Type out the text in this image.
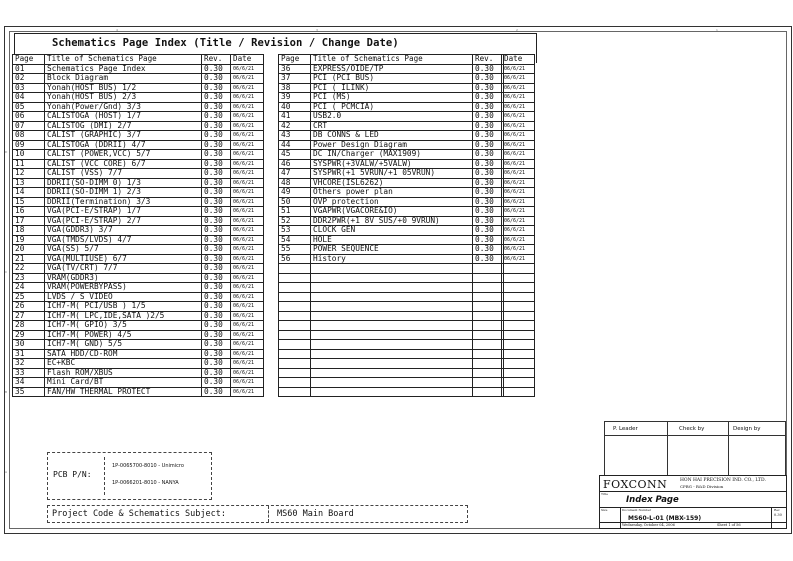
4	3	2	1
D
C
B
A
Schematics Page Index (Title / Revision / Change Date)
Page	Title of Schematics Page	Rev.	Date
01	Schematics Page Index	0.30	06/6/21
02	Block Diagram	0.30	06/6/21
03	Yonah(HOST BUS) 1/2	0.30	06/6/21
04	Yonah(HOST BUS) 2/3	0.30	06/6/21
05	Yonah(Power/Gnd) 3/3	0.30	06/6/21
06	CALISTOGA (HOST) 1/7	0.30	06/6/21
07	CALISTOG (DMI) 2/7	0.30	06/6/21
08	CALIST (GRAPHIC) 3/7	0.30	06/6/21
09	CALISTOGA (DDRII) 4/7	0.30	06/6/21
10	CALIST (POWER,VCC) 5/7	0.30	06/6/21
11	CALIST (VCC CORE) 6/7	0.30	06/6/21
12	CALIST (VSS) 7/7	0.30	06/6/21
13	DDRII(SO-DIMM 0) 1/3	0.30	06/6/21
14	DDRII(SO-DIMM 1) 2/3	0.30	06/6/21
15	DDRII(Termination) 3/3	0.30	06/6/21
16	VGA(PCI-E/STRAP) 1/7	0.30	06/6/21
17	VGA(PCI-E/STRAP) 2/7	0.30	06/6/21
18	VGA(GDDR3) 3/7	0.30	06/6/21
19	VGA(TMDS/LVDS) 4/7	0.30	06/6/21
20	VGA(SS) 5/7	0.30	06/6/21
21	VGA(MULTIUSE) 6/7	0.30	06/6/21
22	VGA(TV/CRT) 7/7	0.30	06/6/21
23	VRAM(GDDR3)	0.30	06/6/21
24	VRAM(POWERBYPASS)	0.30	06/6/21
25	LVDS / S VIDEO	0.30	06/6/21
26	ICH7-M( PCI/USB ) 1/5	0.30	06/6/21
27	ICH7-M( LPC,IDE,SATA )2/5	0.30	06/6/21
28	ICH7-M( GPIO) 3/5	0.30	06/6/21
29	ICH7-M( POWER) 4/5	0.30	06/6/21
30	ICH7-M( GND) 5/5	0.30	06/6/21
31	SATA HDD/CD-ROM	0.30	06/6/21
32	EC+KBC	0.30	06/6/21
33	Flash ROM/XBUS	0.30	06/6/21
34	Mini Card/BT	0.30	06/6/21
35	FAN/HW THERMAL PROTECT	0.30	06/6/21
Page	Title of Schematics Page	Rev.	Date
36	EXPRESS/OIDE/TP	0.30	06/6/21
37	PCI (PCI BUS)	0.30	06/6/21
38	PCI ( ILINK)	0.30	06/6/21
39	PCI (MS)	0.30	06/6/21
40	PCI ( PCMCIA)	0.30	06/6/21
41	USB2.0	0.30	06/6/21
42	CRT	0.30	06/6/21
43	DB CONNS & LED	0.30	06/6/21
44	Power Design Diagram	0.30	06/6/21
45	DC IN/Charger (MAX1909)	0.30	06/6/21
46	SYSPWR(+3VALW/+5VALW)	0.30	06/6/21
47	SYSPWR(+1 5VRUN/+1 05VRUN)	0.30	06/6/21
48	VHCORE(ISL6262)	0.30	06/6/21
49	Others power plan	0.30	06/6/21
50	OVP protection	0.30	06/6/21
51	VGAPWR(VGACORE&IO)	0.30	06/6/21
52	DDR2PWR(+1 8V SUS/+0 9VRUN)	0.30	06/6/21
53	CLOCK GEN	0.30	06/6/21
54	HOLE	0.30	06/6/21
55	POWER SEQUENCE	0.30	06/6/21
56	History	0.30	06/6/21

PCB P/N:
1P-0065700-8010 - Unimicro
1P-0066201-8010 - NANYA
Project Code & Schematics Subject:	MS60 Main Board
P. Leader	Check by	Design by
FOXCONN	HON HAI PRECISION IND. CO., LTD.
CPBG - R&D Division
Title
Index Page
Size	Document Number
MS60-L-01 (MBX-159)
Rev
0.30
Wednesday, October 04, 2006	Sheet 1 of 56
